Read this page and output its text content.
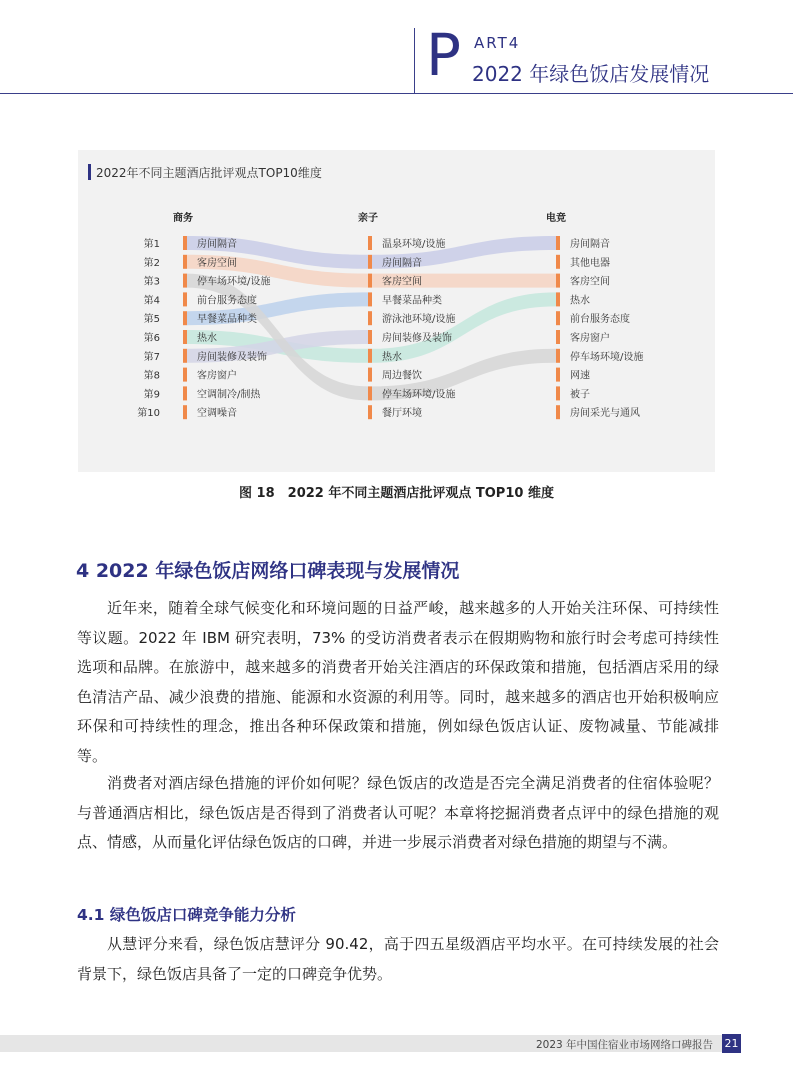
P ART4
2022 年绿色饭店发展情况
2022年不同主题酒店批评观点TOP10维度
第1
第2
第3
第4
第5
第6
第7
第8
第9
第10
商务
房间隔音
客房空间
停车场环境/设施
前台服务态度
早餐菜品种类
热水
房间装修及装饰
客房窗户
空调制冷/制热
空调噪音
亲子
温泉环境/设施
房间隔音
客房空间
早餐菜品种类
游泳池环境/设施
房间装修及装饰
热水
周边餐饮
停车场环境/设施
餐厅环境
电竞
房间隔音
其他电器
客房空间
热水
前台服务态度
客房窗户
停车场环境/设施
网速
被子
房间采光与通风
图 18　2022 年不同主题酒店批评观点 TOP10 维度
4 2022 年绿色饭店网络口碑表现与发展情况

近年来，随着全球气候变化和环境问题的日益严峻，越来越多的人开始关注环保、可持续性等议题。2022 年 IBM 研究表明，73% 的受访消费者表示在假期购物和旅行时会考虑可持续性选项和品牌。在旅游中，越来越多的消费者开始关注酒店的环保政策和措施，包括酒店采用的绿色清洁产品、减少浪费的措施、能源和水资源的利用等。同时，越来越多的酒店也开始积极响应环保和可持续性的理念，推出各种环保政策和措施，例如绿色饭店认证、废物减量、节能减排等。

消费者对酒店绿色措施的评价如何呢？绿色饭店的改造是否完全满足消费者的住宿体验呢？与普通酒店相比，绿色饭店是否得到了消费者认可呢？本章将挖掘消费者点评中的绿色措施的观点、情感，从而量化评估绿色饭店的口碑，并进一步展示消费者对绿色措施的期望与不满。

4.1 绿色饭店口碑竞争能力分析

从慧评分来看，绿色饭店慧评分 90.42，高于四五星级酒店平均水平。在可持续发展的社会背景下，绿色饭店具备了一定的口碑竞争优势。

2023 年中国住宿业市场网络口碑报告 21
